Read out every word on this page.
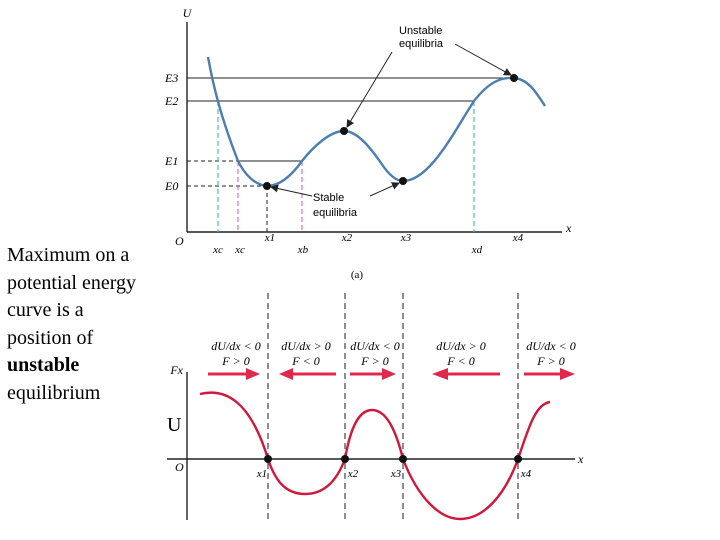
Maximum on a
potential energy
curve is a
position of
unstable
equilibrium
U
U
x
O
E3
E2
E1
E0
Unstable
equilibria
Stable
equilibria
xc xc
x1
xb
x2	x3
xd
x4
(a)
Fx
x
O
dU/dx < 0
F > 0
dU/dx > 0
F < 0
dU/dx < 0
F > 0
dU/dx > 0
F < 0
dU/dx < 0
F > 0
x1	x2	x3	x4
